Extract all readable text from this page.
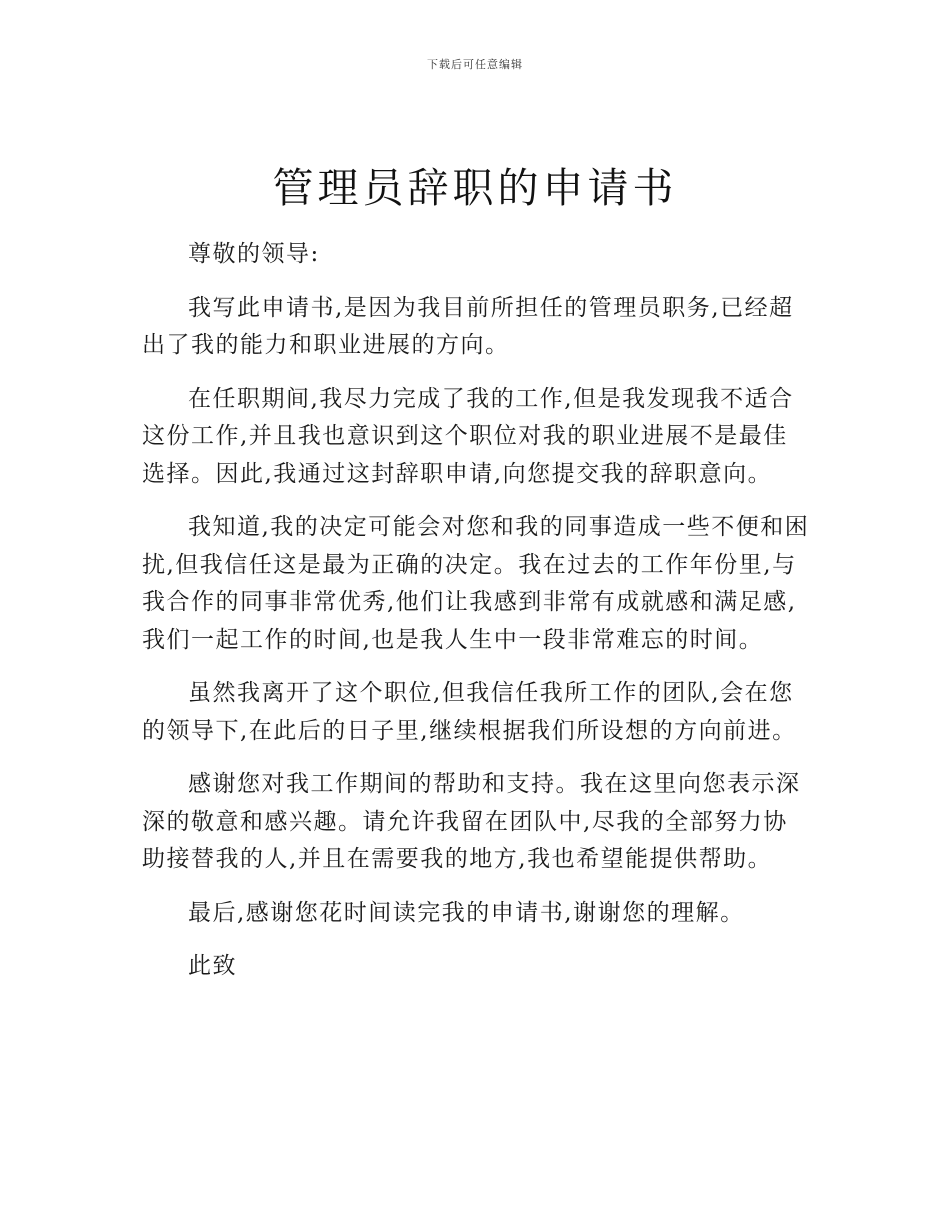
下载后可任意编辑
管理员辞职的申请书

尊敬的领导:

我写此申请书,是因为我目前所担任的管理员职务,已经超出了我的能力和职业进展的方向。

在任职期间,我尽力完成了我的工作,但是我发现我不适合这份工作,并且我也意识到这个职位对我的职业进展不是最佳选择。因此,我通过这封辞职申请,向您提交我的辞职意向。

我知道,我的决定可能会对您和我的同事造成一些不便和困扰,但我信任这是最为正确的决定。我在过去的工作年份里,与我合作的同事非常优秀,他们让我感到非常有成就感和满足感,我们一起工作的时间,也是我人生中一段非常难忘的时间。

虽然我离开了这个职位,但我信任我所工作的团队,会在您的领导下,在此后的日子里,继续根据我们所设想的方向前进。

感谢您对我工作期间的帮助和支持。我在这里向您表示深深的敬意和感兴趣。请允许我留在团队中,尽我的全部努力协助接替我的人,并且在需要我的地方,我也希望能提供帮助。

最后,感谢您花时间读完我的申请书,谢谢您的理解。

此致
